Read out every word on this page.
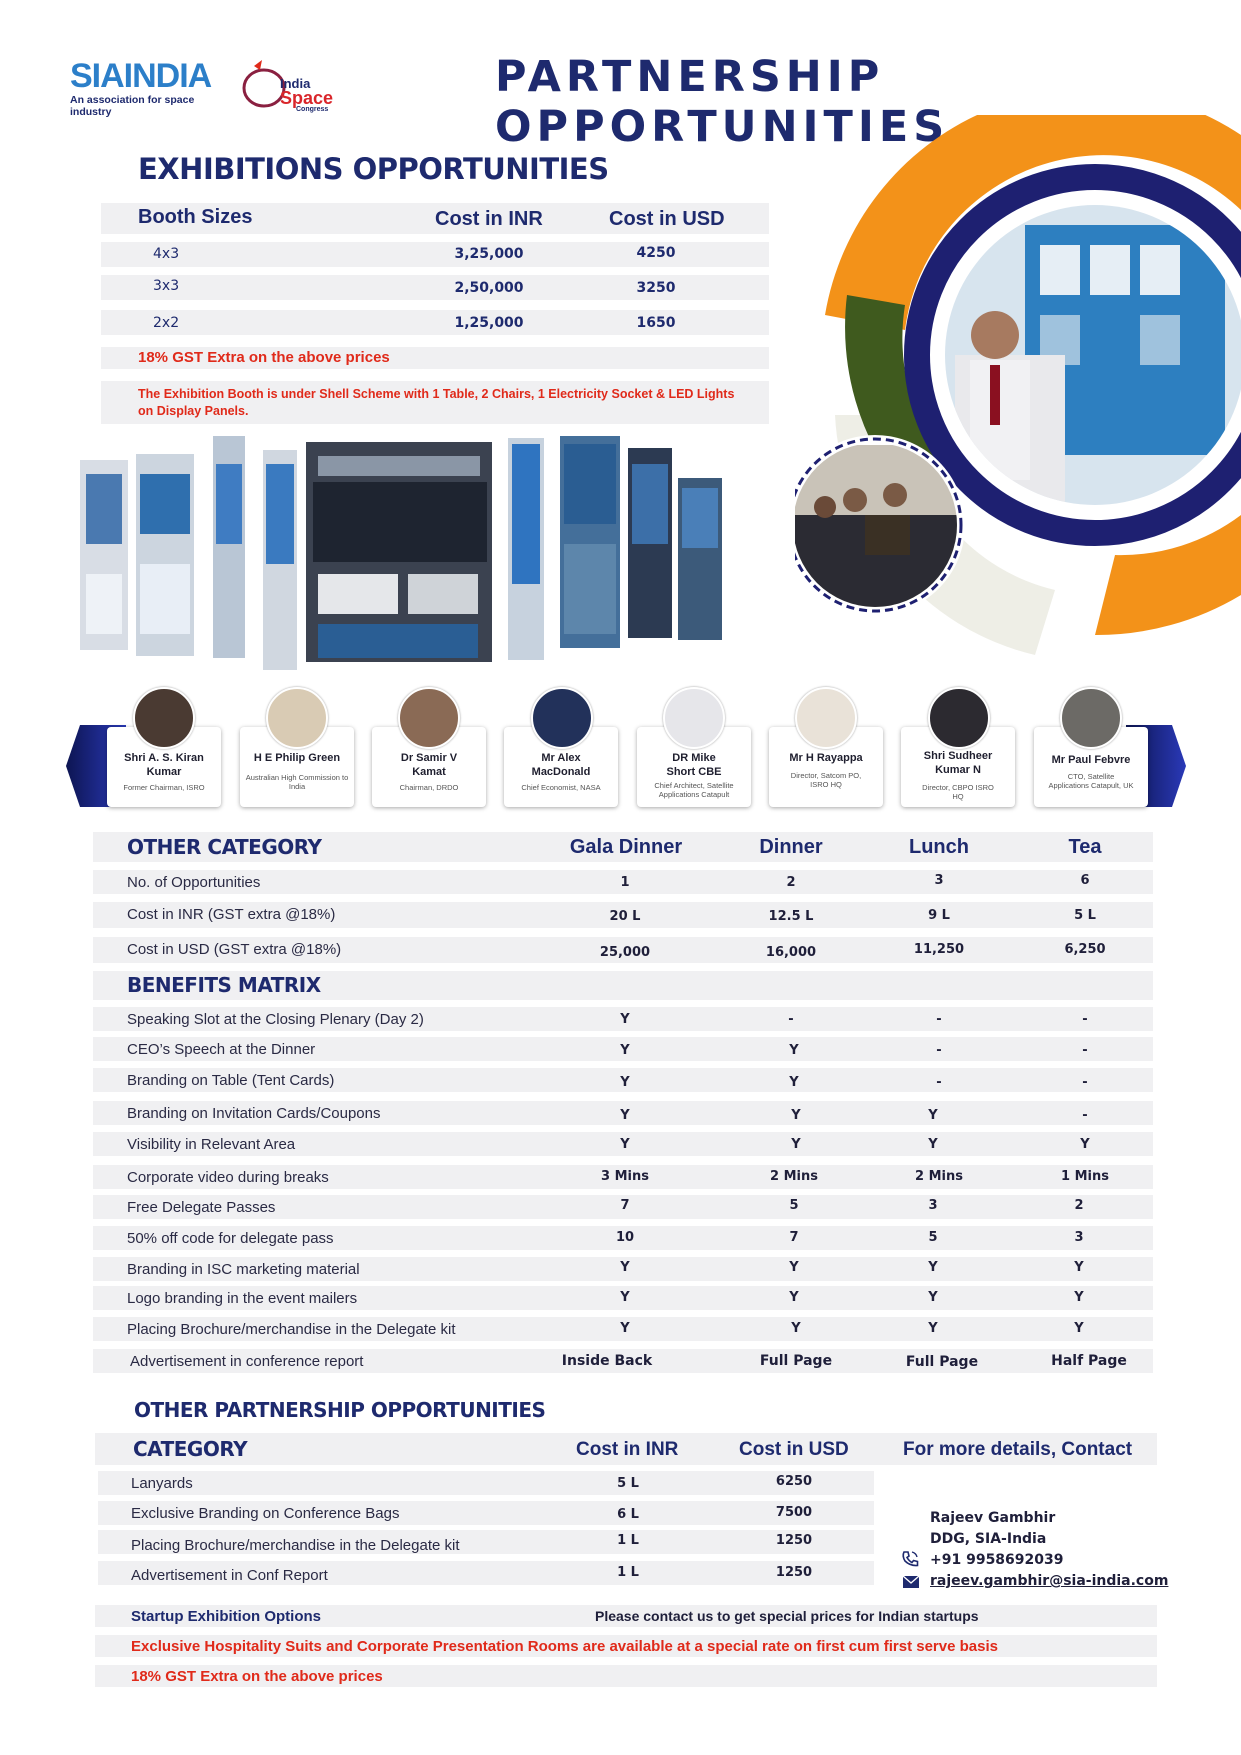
SIAINDIA
An association for space industry
India
Space
Congress
PARTNERSHIP OPPORTUNITIES
EXHIBITIONS OPPORTUNITIES
Booth Sizes	Cost in INR	Cost in USD
4x3	3,25,000	4250
3x3	2,50,000	3250
2x2	1,25,000	1650
18% GST Extra on the above prices
The Exhibition Booth is under Shell Scheme with 1 Table, 2 Chairs, 1 Electricity Socket & LED Lights on Display Panels.
Shri A. S. Kiran Kumar
Former Chairman, ISRO
H E Philip Green
Australian High Commission to India
Dr Samir V Kamat
Chairman, DRDO
Mr Alex MacDonald
Chief Economist, NASA
DR Mike Short CBE
Chief Architect, Satellite Applications Catapult
Mr H Rayappa
Director, Satcom PO, ISRO HQ
Shri Sudheer Kumar N
Director, CBPO ISRO HQ
Mr Paul Febvre
CTO, Satellite Applications Catapult, UK
OTHER CATEGORY	Gala Dinner	Dinner	Lunch	Tea
No. of Opportunities	1	2	3	6
Cost in INR (GST extra @18%)	20 L	12.5 L	9 L	5 L
Cost in USD (GST extra @18%)	25,000	16,000	11,250	6,250
BENEFITS MATRIX
Speaking Slot at the Closing Plenary (Day 2)	Y	-	-	-
CEO’s Speech at the Dinner	Y	Y	-	-
Branding on Table (Tent Cards)	Y	Y	-	-
Branding on Invitation Cards/Coupons	Y	Y	Y	-
Visibility in Relevant Area	Y	Y	Y	Y
Corporate video during breaks	3 Mins	2 Mins	2 Mins	1 Mins
Free Delegate Passes	7	5	3	2
50% off code for delegate pass	10	7	5	3
Branding in ISC marketing material	Y	Y	Y	Y
Logo branding in the event mailers	Y	Y	Y	Y
Placing Brochure/merchandise in the Delegate kit	Y	Y	Y	Y
Advertisement in conference report	Inside Back	Full Page	Full Page	Half Page
OTHER PARTNERSHIP OPPORTUNITIES
CATEGORY	Cost in INR	Cost in USD	For more details, Contact
Lanyards	5 L	6250
Exclusive Branding on Conference Bags	6 L	7500
Placing Brochure/merchandise in the Delegate kit	1 L	1250
Advertisement in Conf Report	1 L	1250
Rajeev Gambhir
DDG, SIA-India
+91 9958692039
rajeev.gambhir@sia-india.com
Startup Exhibition Options	Please contact us to get special prices for Indian startups
Exclusive Hospitality Suits and Corporate Presentation Rooms are available at a special rate on first cum first serve basis
18% GST Extra on the above prices
